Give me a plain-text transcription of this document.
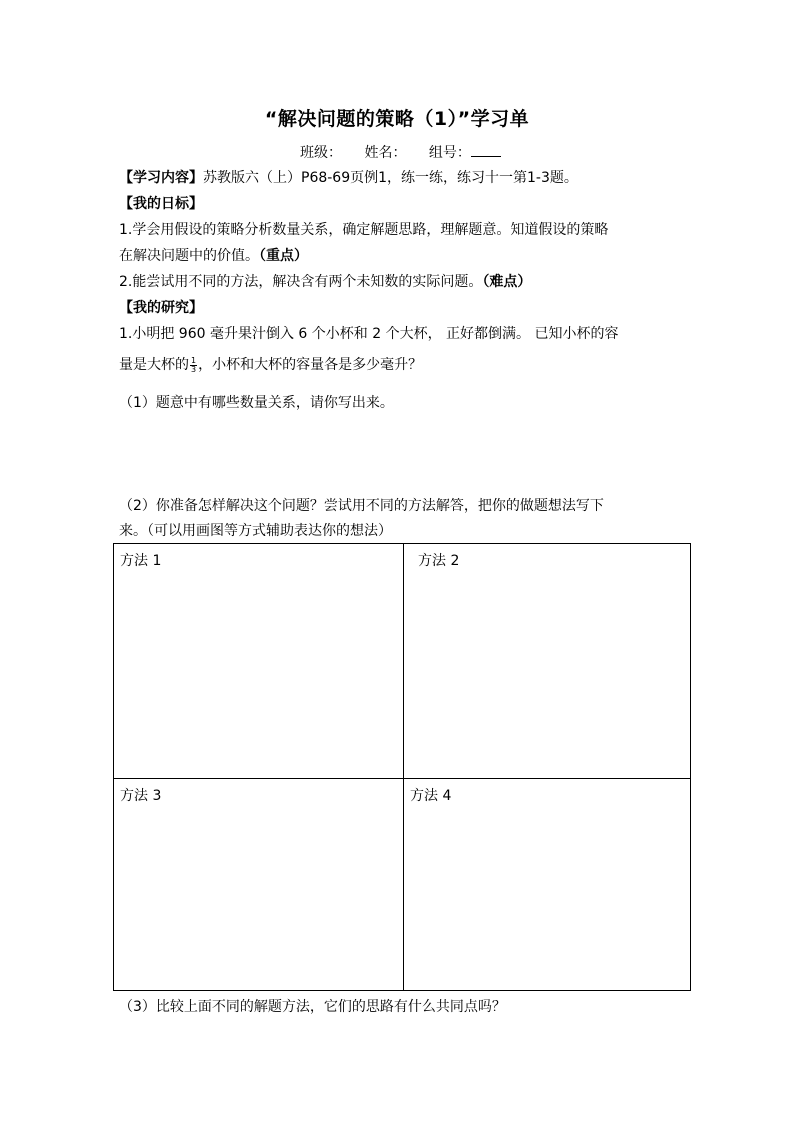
“解决问题的策略（1）”学习单
班级： 姓名： 组号：
【学习内容】苏教版六（上）P68-69页例1，练一练，练习十一第1-3题。
【我的日标】
1.学会用假设的策略分析数量关系，确定解题思路，理解题意。知道假设的策略
在解决问题中的价值。（重点）
2.能尝试用不同的方法，解决含有两个未知数的实际问题。（难点）
【我的研究】
1.小明把 960 毫升果汁倒入 6 个小杯和 2 个大杯， 正好都倒满。 已知小杯的容
量是大杯的 $\frac{1}{3}$ ，小杯和大杯的容量各是多少毫升？
（1）题意中有哪些数量关系，请你写出来。
（2）你准备怎样解决这个问题？尝试用不同的方法解答，把你的做题想法写下
来。（可以用画图等方式辅助表达你的想法）
方法 1	方法 2
方法 3	方法 4
（3）比较上面不同的解题方法，它们的思路有什么共同点吗？
